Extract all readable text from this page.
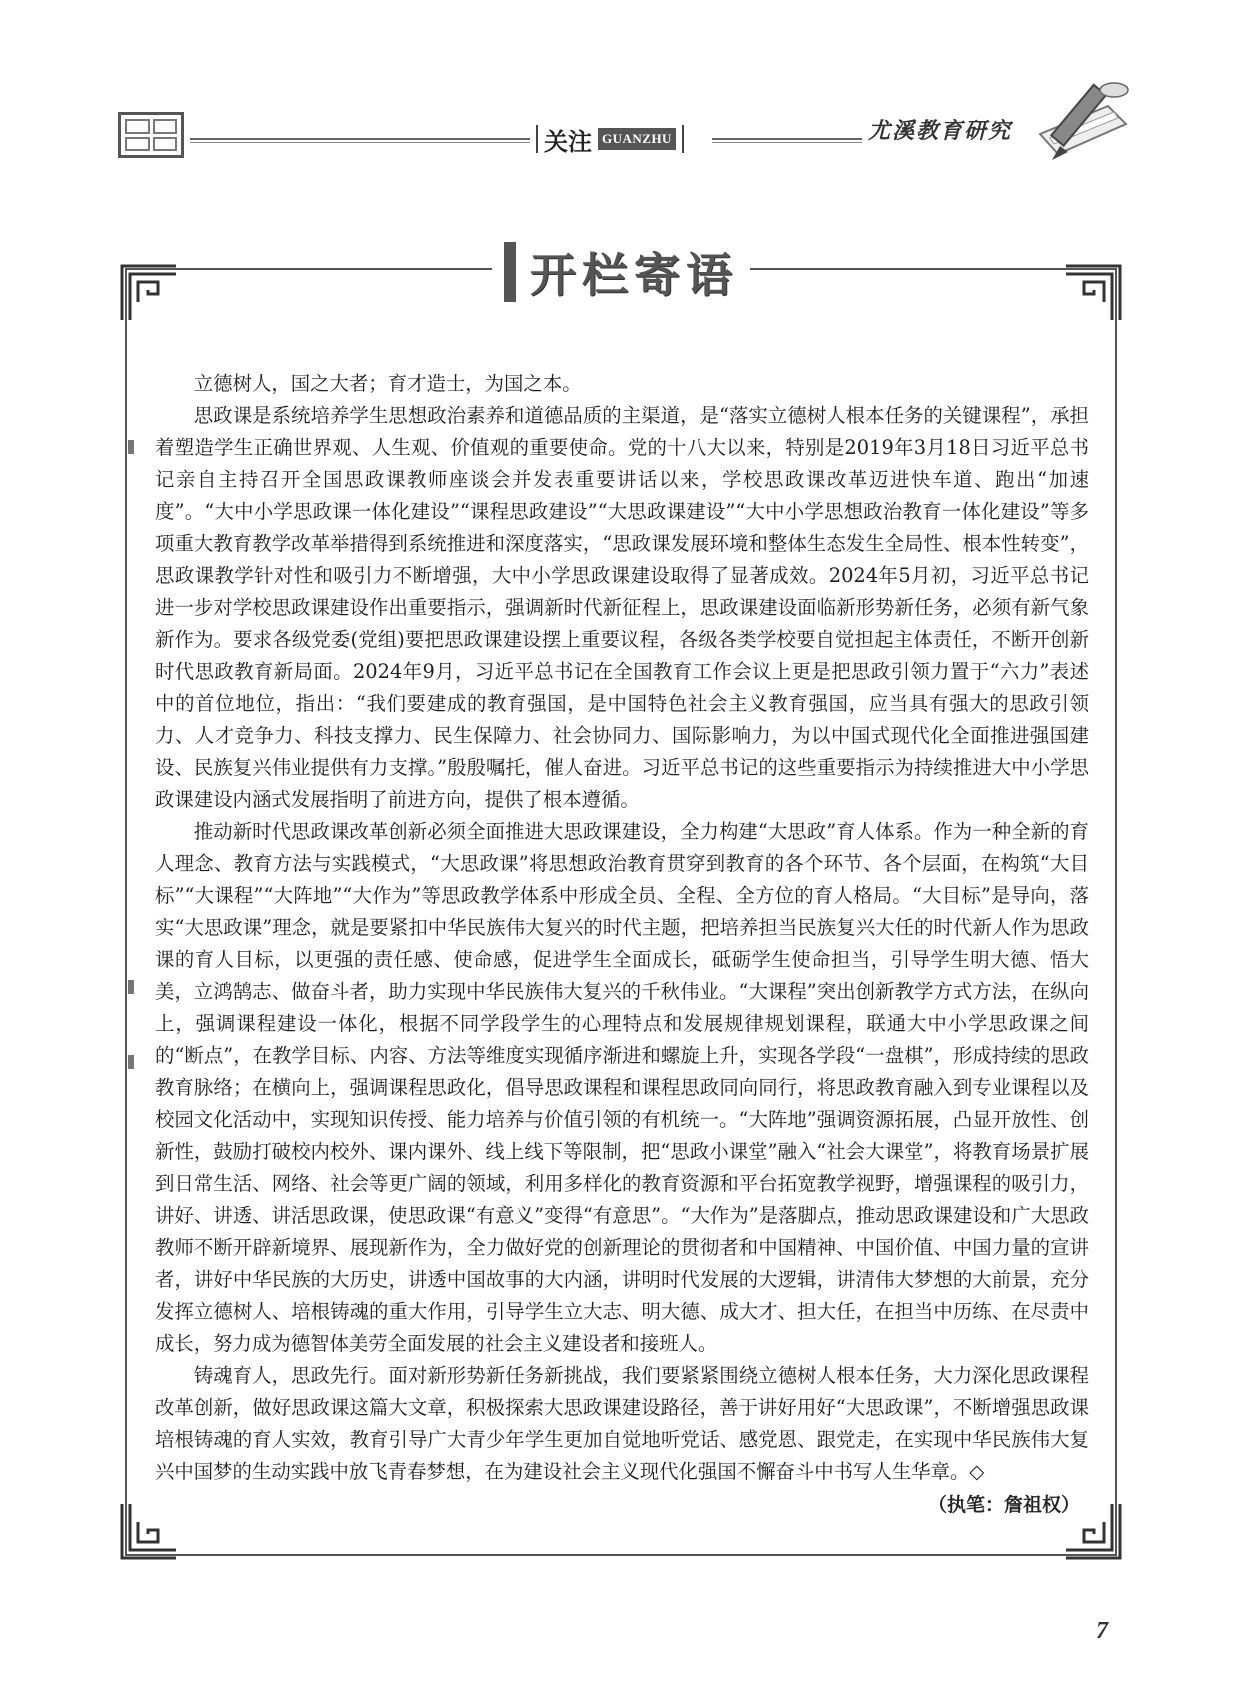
关注 GUANZHU	尤溪教育研究
开栏寄语

立德树人，国之大者；育才造士，为国之本。

思政课是系统培养学生思想政治素养和道德品质的主渠道，是“落实立德树人根本任务的关键课程”，承担着塑造学生正确世界观、人生观、价值观的重要使命。党的十八大以来，特别是2019年3月18日习近平总书记亲自主持召开全国思政课教师座谈会并发表重要讲话以来，学校思政课改革迈进快车道、跑出“加速度”。“大中小学思政课一体化建设”“课程思政建设”“大思政课建设”“大中小学思想政治教育一体化建设”等多项重大教育教学改革举措得到系统推进和深度落实，“思政课发展环境和整体生态发生全局性、根本性转变”，思政课教学针对性和吸引力不断增强，大中小学思政课建设取得了显著成效。2024年5月初，习近平总书记进一步对学校思政课建设作出重要指示，强调新时代新征程上，思政课建设面临新形势新任务，必须有新气象新作为。要求各级党委(党组)要把思政课建设摆上重要议程，各级各类学校要自觉担起主体责任，不断开创新时代思政教育新局面。2024年9月，习近平总书记在全国教育工作会议上更是把思政引领力置于“六力”表述中的首位地位，指出：“我们要建成的教育强国，是中国特色社会主义教育强国，应当具有强大的思政引领力、人才竞争力、科技支撑力、民生保障力、社会协同力、国际影响力，为以中国式现代化全面推进强国建设、民族复兴伟业提供有力支撑。”殷殷嘱托，催人奋进。习近平总书记的这些重要指示为持续推进大中小学思政课建设内涵式发展指明了前进方向，提供了根本遵循。

推动新时代思政课改革创新必须全面推进大思政课建设，全力构建“大思政”育人体系。作为一种全新的育人理念、教育方法与实践模式，“大思政课”将思想政治教育贯穿到教育的各个环节、各个层面，在构筑“大目标”“大课程”“大阵地”“大作为”等思政教学体系中形成全员、全程、全方位的育人格局。“大目标”是导向，落实“大思政课”理念，就是要紧扣中华民族伟大复兴的时代主题，把培养担当民族复兴大任的时代新人作为思政课的育人目标，以更强的责任感、使命感，促进学生全面成长，砥砺学生使命担当，引导学生明大德、悟大美，立鸿鹄志、做奋斗者，助力实现中华民族伟大复兴的千秋伟业。“大课程”突出创新教学方式方法，在纵向上，强调课程建设一体化，根据不同学段学生的心理特点和发展规律规划课程，联通大中小学思政课之间的“断点”，在教学目标、内容、方法等维度实现循序渐进和螺旋上升，实现各学段“一盘棋”，形成持续的思政教育脉络；在横向上，强调课程思政化，倡导思政课程和课程思政同向同行，将思政教育融入到专业课程以及校园文化活动中，实现知识传授、能力培养与价值引领的有机统一。“大阵地”强调资源拓展，凸显开放性、创新性，鼓励打破校内校外、课内课外、线上线下等限制，把“思政小课堂”融入“社会大课堂”，将教育场景扩展到日常生活、网络、社会等更广阔的领域，利用多样化的教育资源和平台拓宽教学视野，增强课程的吸引力，讲好、讲透、讲活思政课，使思政课“有意义”变得“有意思”。“大作为”是落脚点，推动思政课建设和广大思政教师不断开辟新境界、展现新作为，全力做好党的创新理论的贯彻者和中国精神、中国价值、中国力量的宣讲者，讲好中华民族的大历史，讲透中国故事的大内涵，讲明时代发展的大逻辑，讲清伟大梦想的大前景，充分发挥立德树人、培根铸魂的重大作用，引导学生立大志、明大德、成大才、担大任，在担当中历练、在尽责中成长，努力成为德智体美劳全面发展的社会主义建设者和接班人。

铸魂育人，思政先行。面对新形势新任务新挑战，我们要紧紧围绕立德树人根本任务，大力深化思政课程改革创新，做好思政课这篇大文章，积极探索大思政课建设路径，善于讲好用好“大思政课”，不断增强思政课培根铸魂的育人实效，教育引导广大青少年学生更加自觉地听党话、感党恩、跟党走，在实现中华民族伟大复兴中国梦的生动实践中放飞青春梦想，在为建设社会主义现代化强国不懈奋斗中书写人生华章。◇

（执笔：詹祖权）
7
